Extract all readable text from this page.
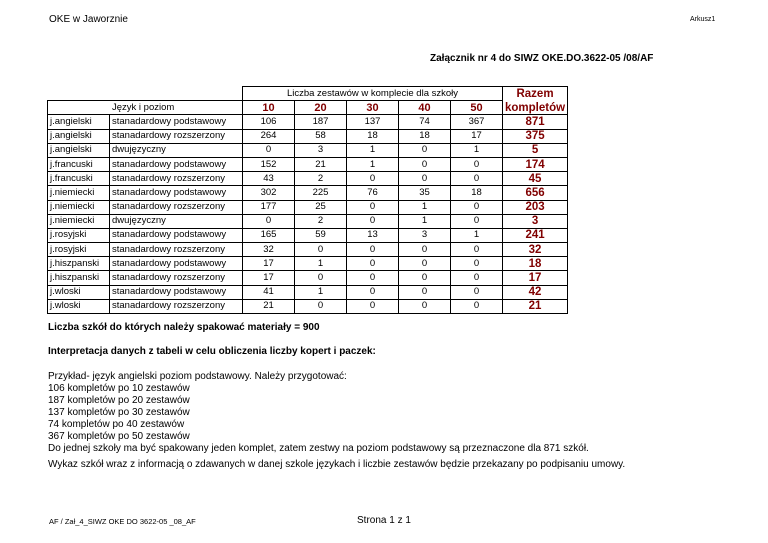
OKE w Jaworznie	Arkusz1
Załącznik nr 4 do SIWZ OKE.DO.3622-05 /08/AF
		Liczba zestawów w komplecie dla szkoły					Razem
Język i poziom		10	20	30	40	50	kompletów
j.angielski	stanadardowy podstawowy	106	187	137	74	367	871
j.angielski	stanadardowy rozszerzony	264	58	18	18	17	375
j.angielski	dwujęzyczny	0	3	1	0	1	5
j.francuski	stanadardowy podstawowy	152	21	1	0	0	174
j.francuski	stanadardowy rozszerzony	43	2	0	0	0	45
j.niemiecki	stanadardowy podstawowy	302	225	76	35	18	656
j.niemiecki	stanadardowy rozszerzony	177	25	0	1	0	203
j.niemiecki	dwujęzyczny	0	2	0	1	0	3
j.rosyjski	stanadardowy podstawowy	165	59	13	3	1	241
j.rosyjski	stanadardowy rozszerzony	32	0	0	0	0	32
j.hiszpanski	stanadardowy podstawowy	17	1	0	0	0	18
j.hiszpanski	stanadardowy rozszerzony	17	0	0	0	0	17
j.wloski	stanadardowy podstawowy	41	1	0	0	0	42
j.wloski	stanadardowy rozszerzony	21	0	0	0	0	21
Liczba szkół do których należy spakować materiały = 900
Interpretacja danych z tabeli w celu obliczenia liczby kopert i paczek:
Przykład- język angielski poziom podstawowy. Należy przygotować:
106 kompletów po 10 zestawów
187 kompletów po 20 zestawów
137 kompletów po 30 zestawów
74 kompletów po 40 zestawów
367 kompletów po 50 zestawów
Do jednej szkoły ma być spakowany jeden komplet, zatem zestwy na poziom podstawowy są przeznaczone dla 871 szkół.
Wykaz szkół wraz z informacją o zdawanych w danej szkole językach i liczbie zestawów będzie przekazany po podpisaniu umowy.
AF / Zał_4_SIWZ OKE DO 3622-05 _08_AF	Strona 1 z 1
